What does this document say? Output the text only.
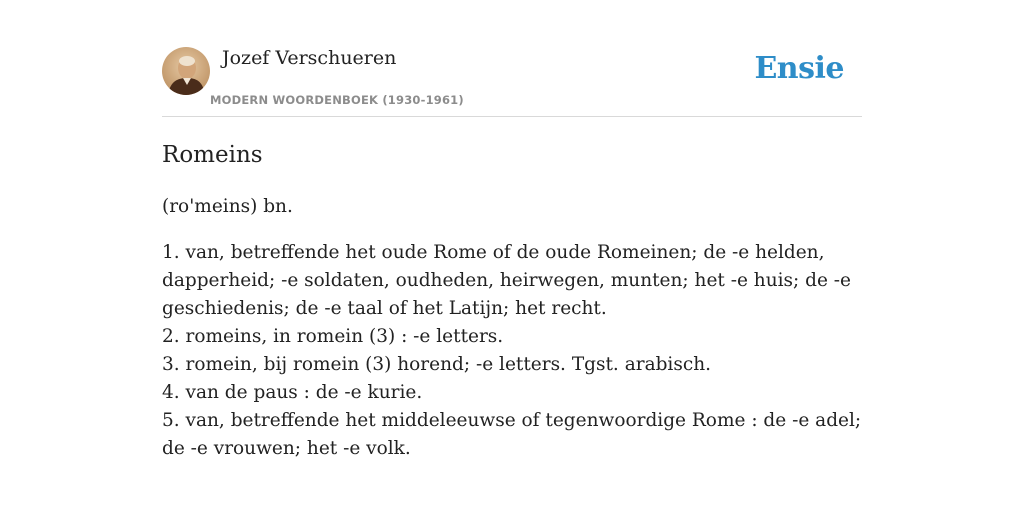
Jozef Verschueren
MODERN WOORDENBOEK (1930-1961)
Ensie
Romeins

(ro'meins) bn.

1. van, betreffende het oude Rome of de oude Romeinen; de -e helden, dapperheid; -e soldaten, oudheden, heirwegen, munten; het -e huis; de -e geschiedenis; de -e taal of het Latijn; het recht.
2. romeins, in romein (3) : -e letters.
3. romein, bij romein (3) horend; -e letters. Tgst. arabisch.
4. van de paus : de -e kurie.
5. van, betreffende het middeleeuwse of tegenwoordige Rome : de -e adel; de -e vrouwen; het -e volk.
